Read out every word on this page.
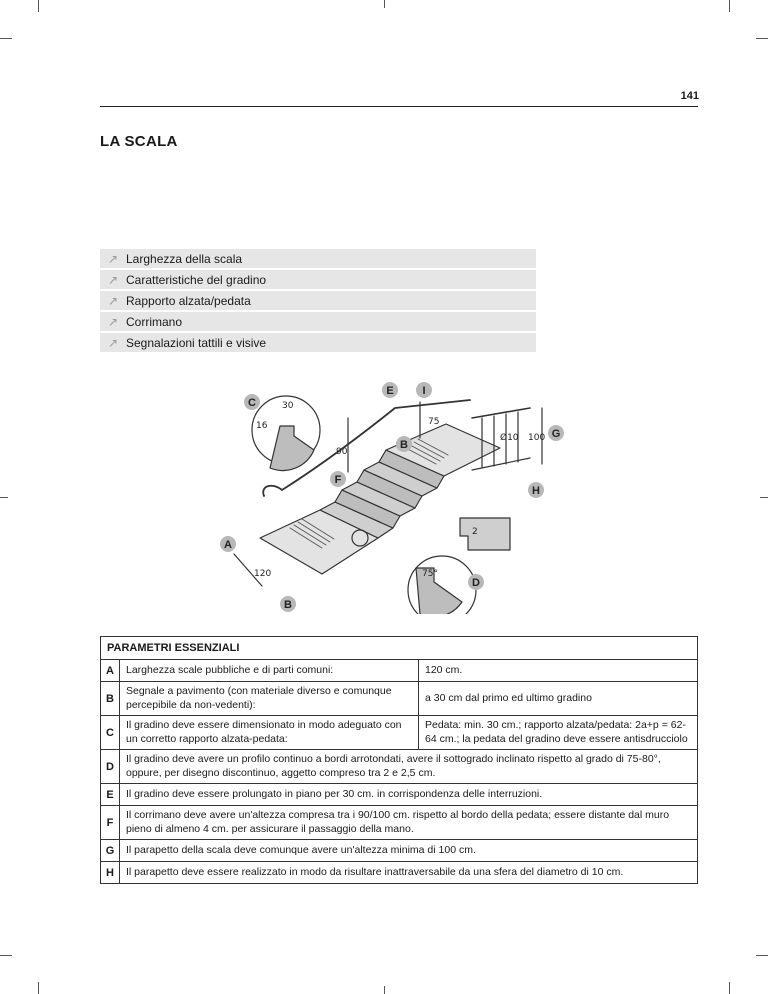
141
LA SCALA
↗ Larghezza della scala
↗ Caratteristiche del gradino
↗ Rapporto alzata/pedata
↗ Corrimano
↗ Segnalazioni tattili e visive
C
E	I
B
G
F
H
A
D
B
30
16	75
90
100
Ø10
120
2
75°
PARAMETRI ESSENZIALI		
A	Larghezza scale pubbliche e di parti comuni:	120 cm.
B	Segnale a pavimento (con materiale diverso e comunque percepibile da non-vedenti):	a 30 cm dal primo ed ultimo gradino
C	Il gradino deve essere dimensionato in modo adeguato con un corretto rapporto alzata-pedata:	Pedata: min. 30 cm.; rapporto alzata/pedata: 2a+p = 62-64 cm.; la pedata del gradino deve essere antisdrucciolo
D	Il gradino deve avere un profilo continuo a bordi arrotondati, avere il sottogrado inclinato rispetto al grado di 75-80°, oppure, per disegno discontinuo, aggetto compreso tra 2 e 2,5 cm.	
E	Il gradino deve essere prolungato in piano per 30 cm. in corrispondenza delle interruzioni.	
F	Il corrimano deve avere un'altezza compresa tra i 90/100 cm. rispetto al bordo della pedata; essere distante dal muro pieno di almeno 4 cm. per assicurare il passaggio della mano.	
G	Il parapetto della scala deve comunque avere un'altezza minima di 100 cm.	
H	Il parapetto deve essere realizzato in modo da risultare inattraversabile da una sfera del diametro di 10 cm.	
